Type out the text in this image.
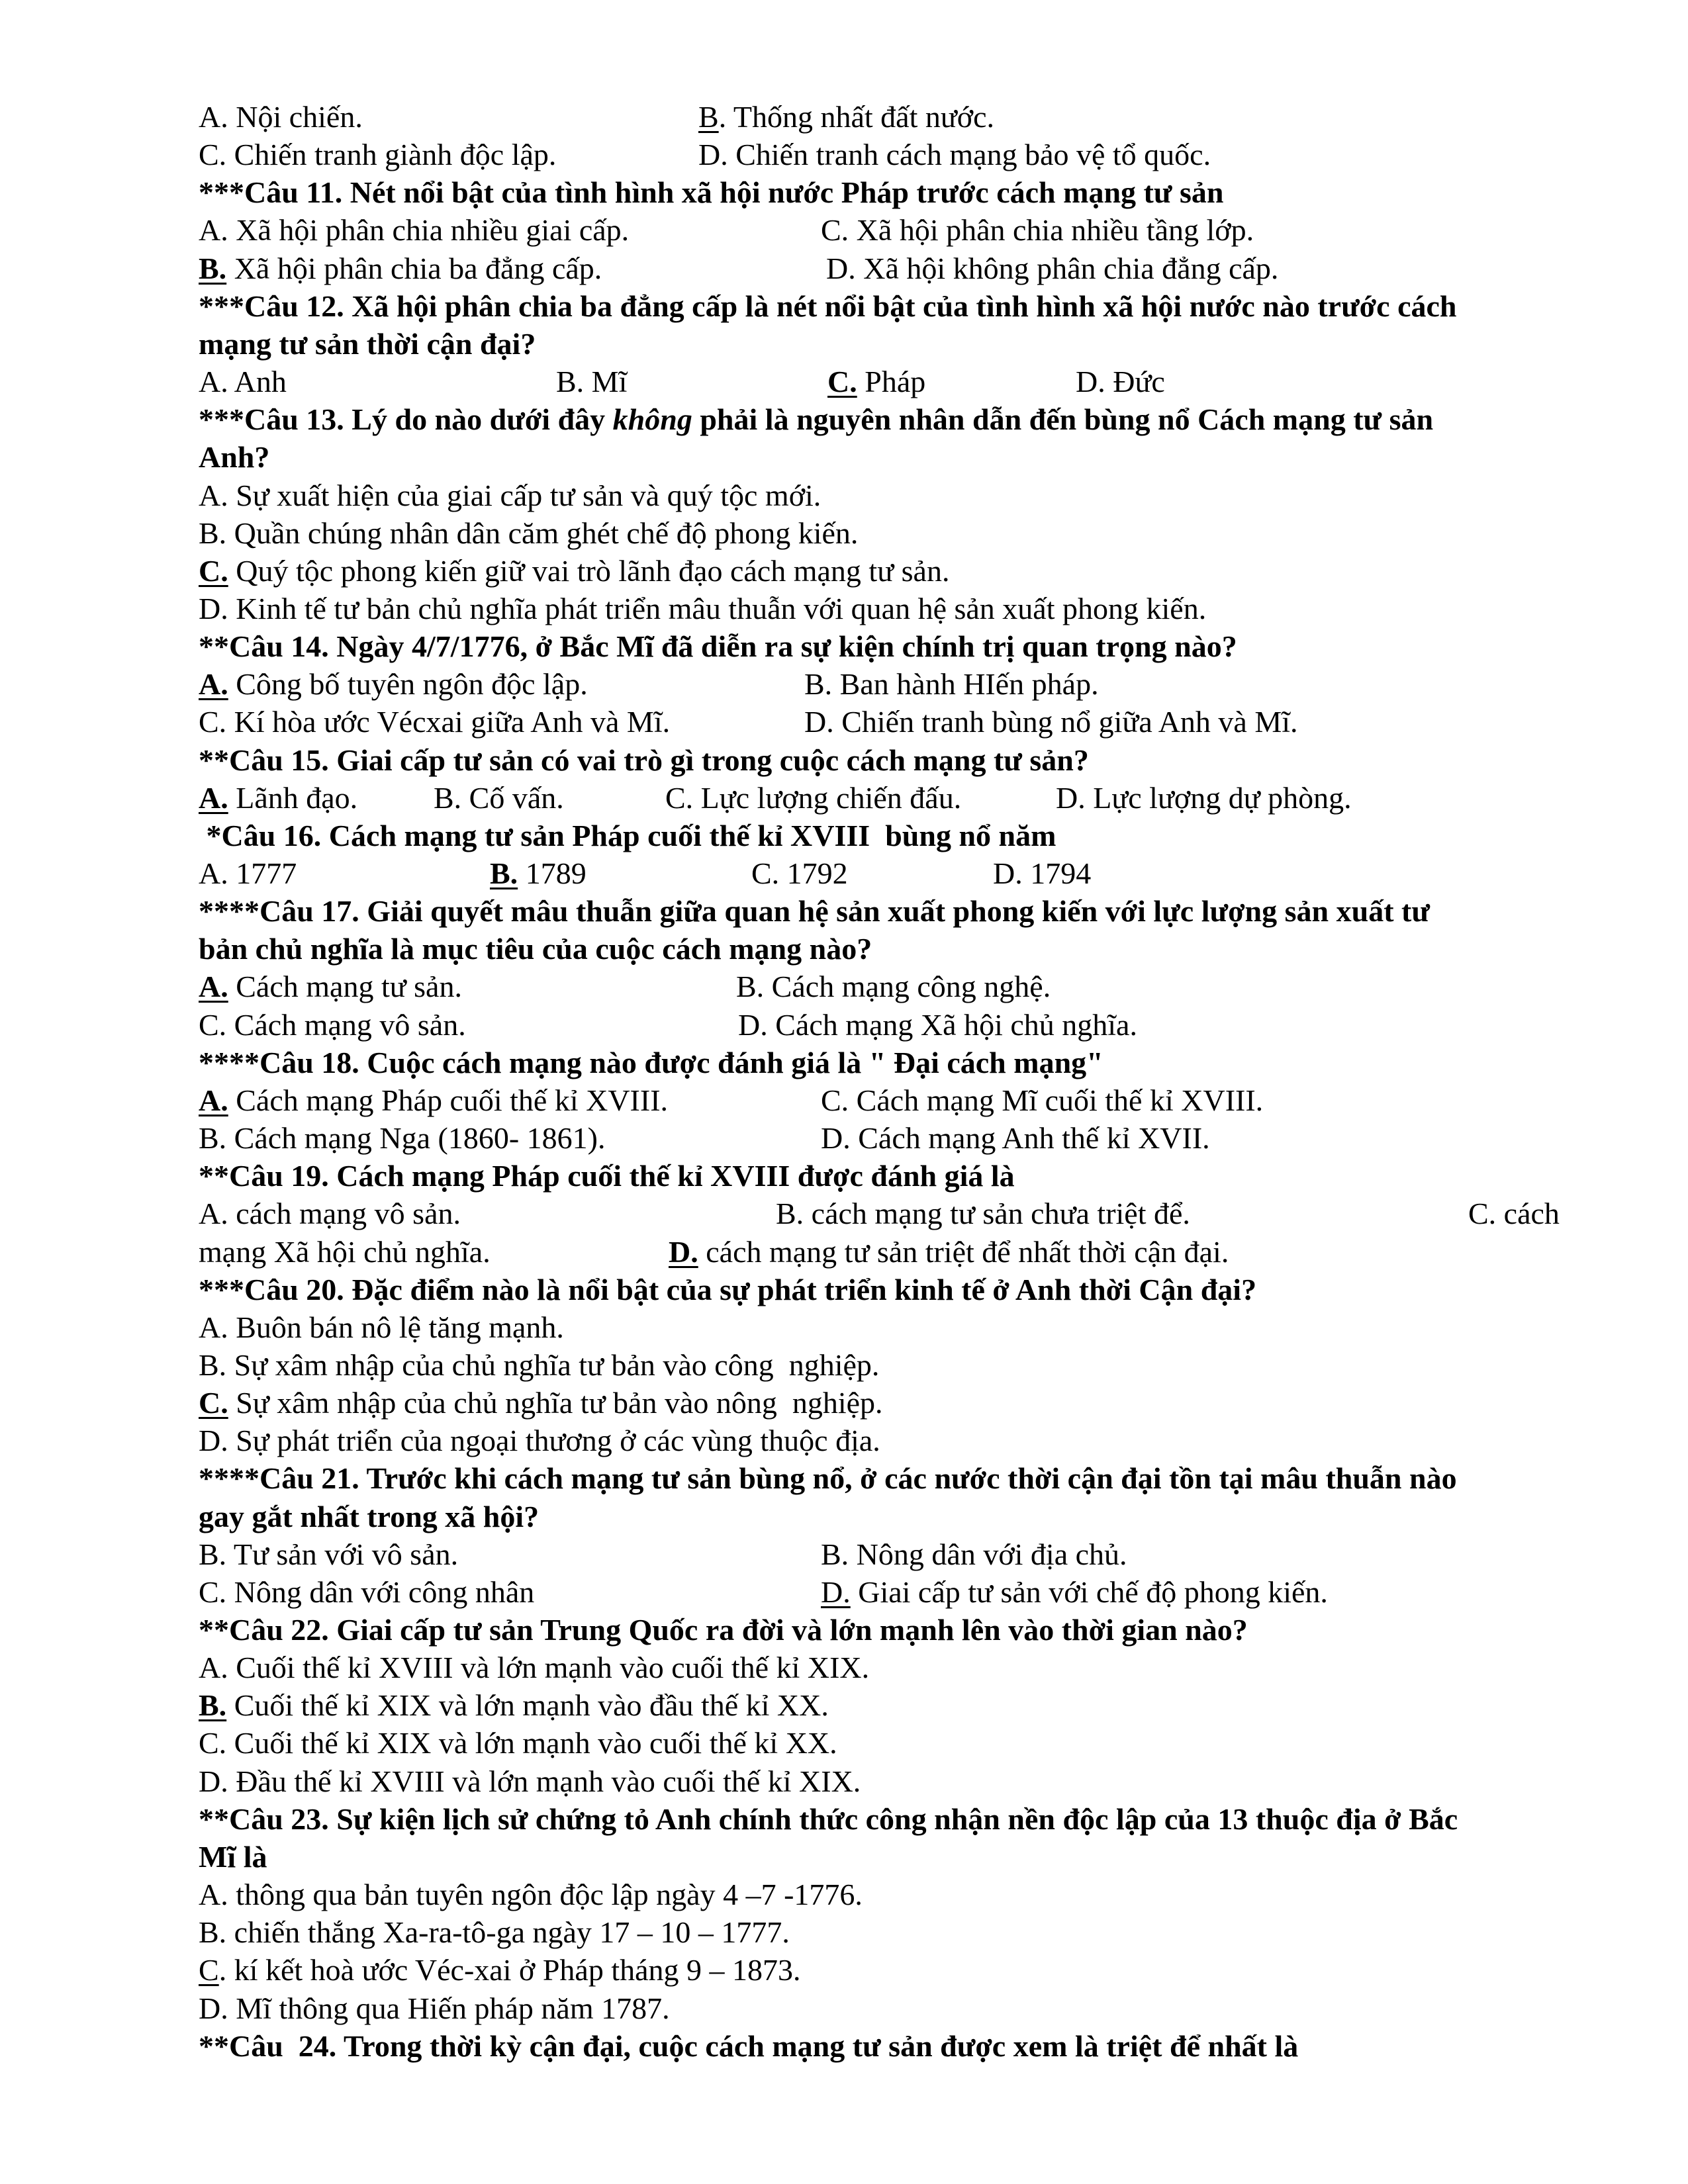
A. Nội chiến.	B. Thống nhất đất nước.
C. Chiến tranh giành độc lập.	D. Chiến tranh cách mạng bảo vệ tổ quốc.
***Câu 11. Nét nổi bật của tình hình xã hội nước Pháp trước cách mạng tư sản
A. Xã hội phân chia nhiều giai cấp.	C. Xã hội phân chia nhiều tầng lớp.
B. Xã hội phân chia ba đẳng cấp.	D. Xã hội không phân chia đẳng cấp.
***Câu 12. Xã hội phân chia ba đẳng cấp là nét nổi bật của tình hình xã hội nước nào trước cách
mạng tư sản thời cận đại?
A. Anh	B. Mĩ	C. Pháp	D. Đức
***Câu 13. Lý do nào dưới đây không phải là nguyên nhân dẫn đến bùng nổ Cách mạng tư sản
Anh?
A. Sự xuất hiện của giai cấp tư sản và quý tộc mới.
B. Quần chúng nhân dân căm ghét chế độ phong kiến.
C. Quý tộc phong kiến giữ vai trò lãnh đạo cách mạng tư sản.
D. Kinh tế tư bản chủ nghĩa phát triển mâu thuẫn với quan hệ sản xuất phong kiến.
**Câu 14. Ngày 4/7/1776, ở Bắc Mĩ đã diễn ra sự kiện chính trị quan trọng nào?
A. Công bố tuyên ngôn độc lập.	B. Ban hành HIến pháp.
C. Kí hòa ước Vécxai giữa Anh và Mĩ.	D. Chiến tranh bùng nổ giữa Anh và Mĩ.
**Câu 15. Giai cấp tư sản có vai trò gì trong cuộc cách mạng tư sản?
A. Lãnh đạo. B. Cố vấn.	C. Lực lượng chiến đấu.	D. Lực lượng dự phòng.
*Câu 16. Cách mạng tư sản Pháp cuối thế kỉ XVIII  bùng nổ năm
A. 1777	B. 1789	C. 1792	D. 1794
****Câu 17. Giải quyết mâu thuẫn giữa quan hệ sản xuất phong kiến với lực lượng sản xuất tư
bản chủ nghĩa là mục tiêu của cuộc cách mạng nào?
A. Cách mạng tư sản.	B. Cách mạng công nghệ.
C. Cách mạng vô sản.	D. Cách mạng Xã hội chủ nghĩa.
****Câu 18. Cuộc cách mạng nào được đánh giá là " Đại cách mạng"
A. Cách mạng Pháp cuối thế kỉ XVIII.	C. Cách mạng Mĩ cuối thế kỉ XVIII.
B. Cách mạng Nga (1860- 1861).	D. Cách mạng Anh thế kỉ XVII.
**Câu 19. Cách mạng Pháp cuối thế kỉ XVIII được đánh giá là
A. cách mạng vô sản.	B. cách mạng tư sản chưa triệt để.	C. cách
mạng Xã hội chủ nghĩa.	D. cách mạng tư sản triệt để nhất thời cận đại.
***Câu 20. Đặc điểm nào là nổi bật của sự phát triển kinh tế ở Anh thời Cận đại?
A. Buôn bán nô lệ tăng mạnh.
B. Sự xâm nhập của chủ nghĩa tư bản vào công  nghiệp.
C. Sự xâm nhập của chủ nghĩa tư bản vào nông  nghiệp.
D. Sự phát triển của ngoại thương ở các vùng thuộc địa.
****Câu 21. Trước khi cách mạng tư sản bùng nổ, ở các nước thời cận đại tồn tại mâu thuẫn nào
gay gắt nhất trong xã hội?
B. Tư sản với vô sản.	B. Nông dân với địa chủ.
C. Nông dân với công nhân	D. Giai cấp tư sản với chế độ phong kiến.
**Câu 22. Giai cấp tư sản Trung Quốc ra đời và lớn mạnh lên vào thời gian nào?
A. Cuối thế kỉ XVIII và lớn mạnh vào cuối thế kỉ XIX.
B. Cuối thế kỉ XIX và lớn mạnh vào đầu thế kỉ XX.
C. Cuối thế kỉ XIX và lớn mạnh vào cuối thế kỉ XX.
D. Đầu thế kỉ XVIII và lớn mạnh vào cuối thế kỉ XIX.
**Câu 23. Sự kiện lịch sử chứng tỏ Anh chính thức công nhận nền độc lập của 13 thuộc địa ở Bắc
Mĩ là
A. thông qua bản tuyên ngôn độc lập ngày 4 –7 -1776.
B. chiến thắng Xa-ra-tô-ga ngày 17 – 10 – 1777.
C. kí kết hoà ước Véc-xai ở Pháp tháng 9 – 1873.
D. Mĩ thông qua Hiến pháp năm 1787.
**Câu  24. Trong thời kỳ cận đại, cuộc cách mạng tư sản được xem là triệt để nhất là
